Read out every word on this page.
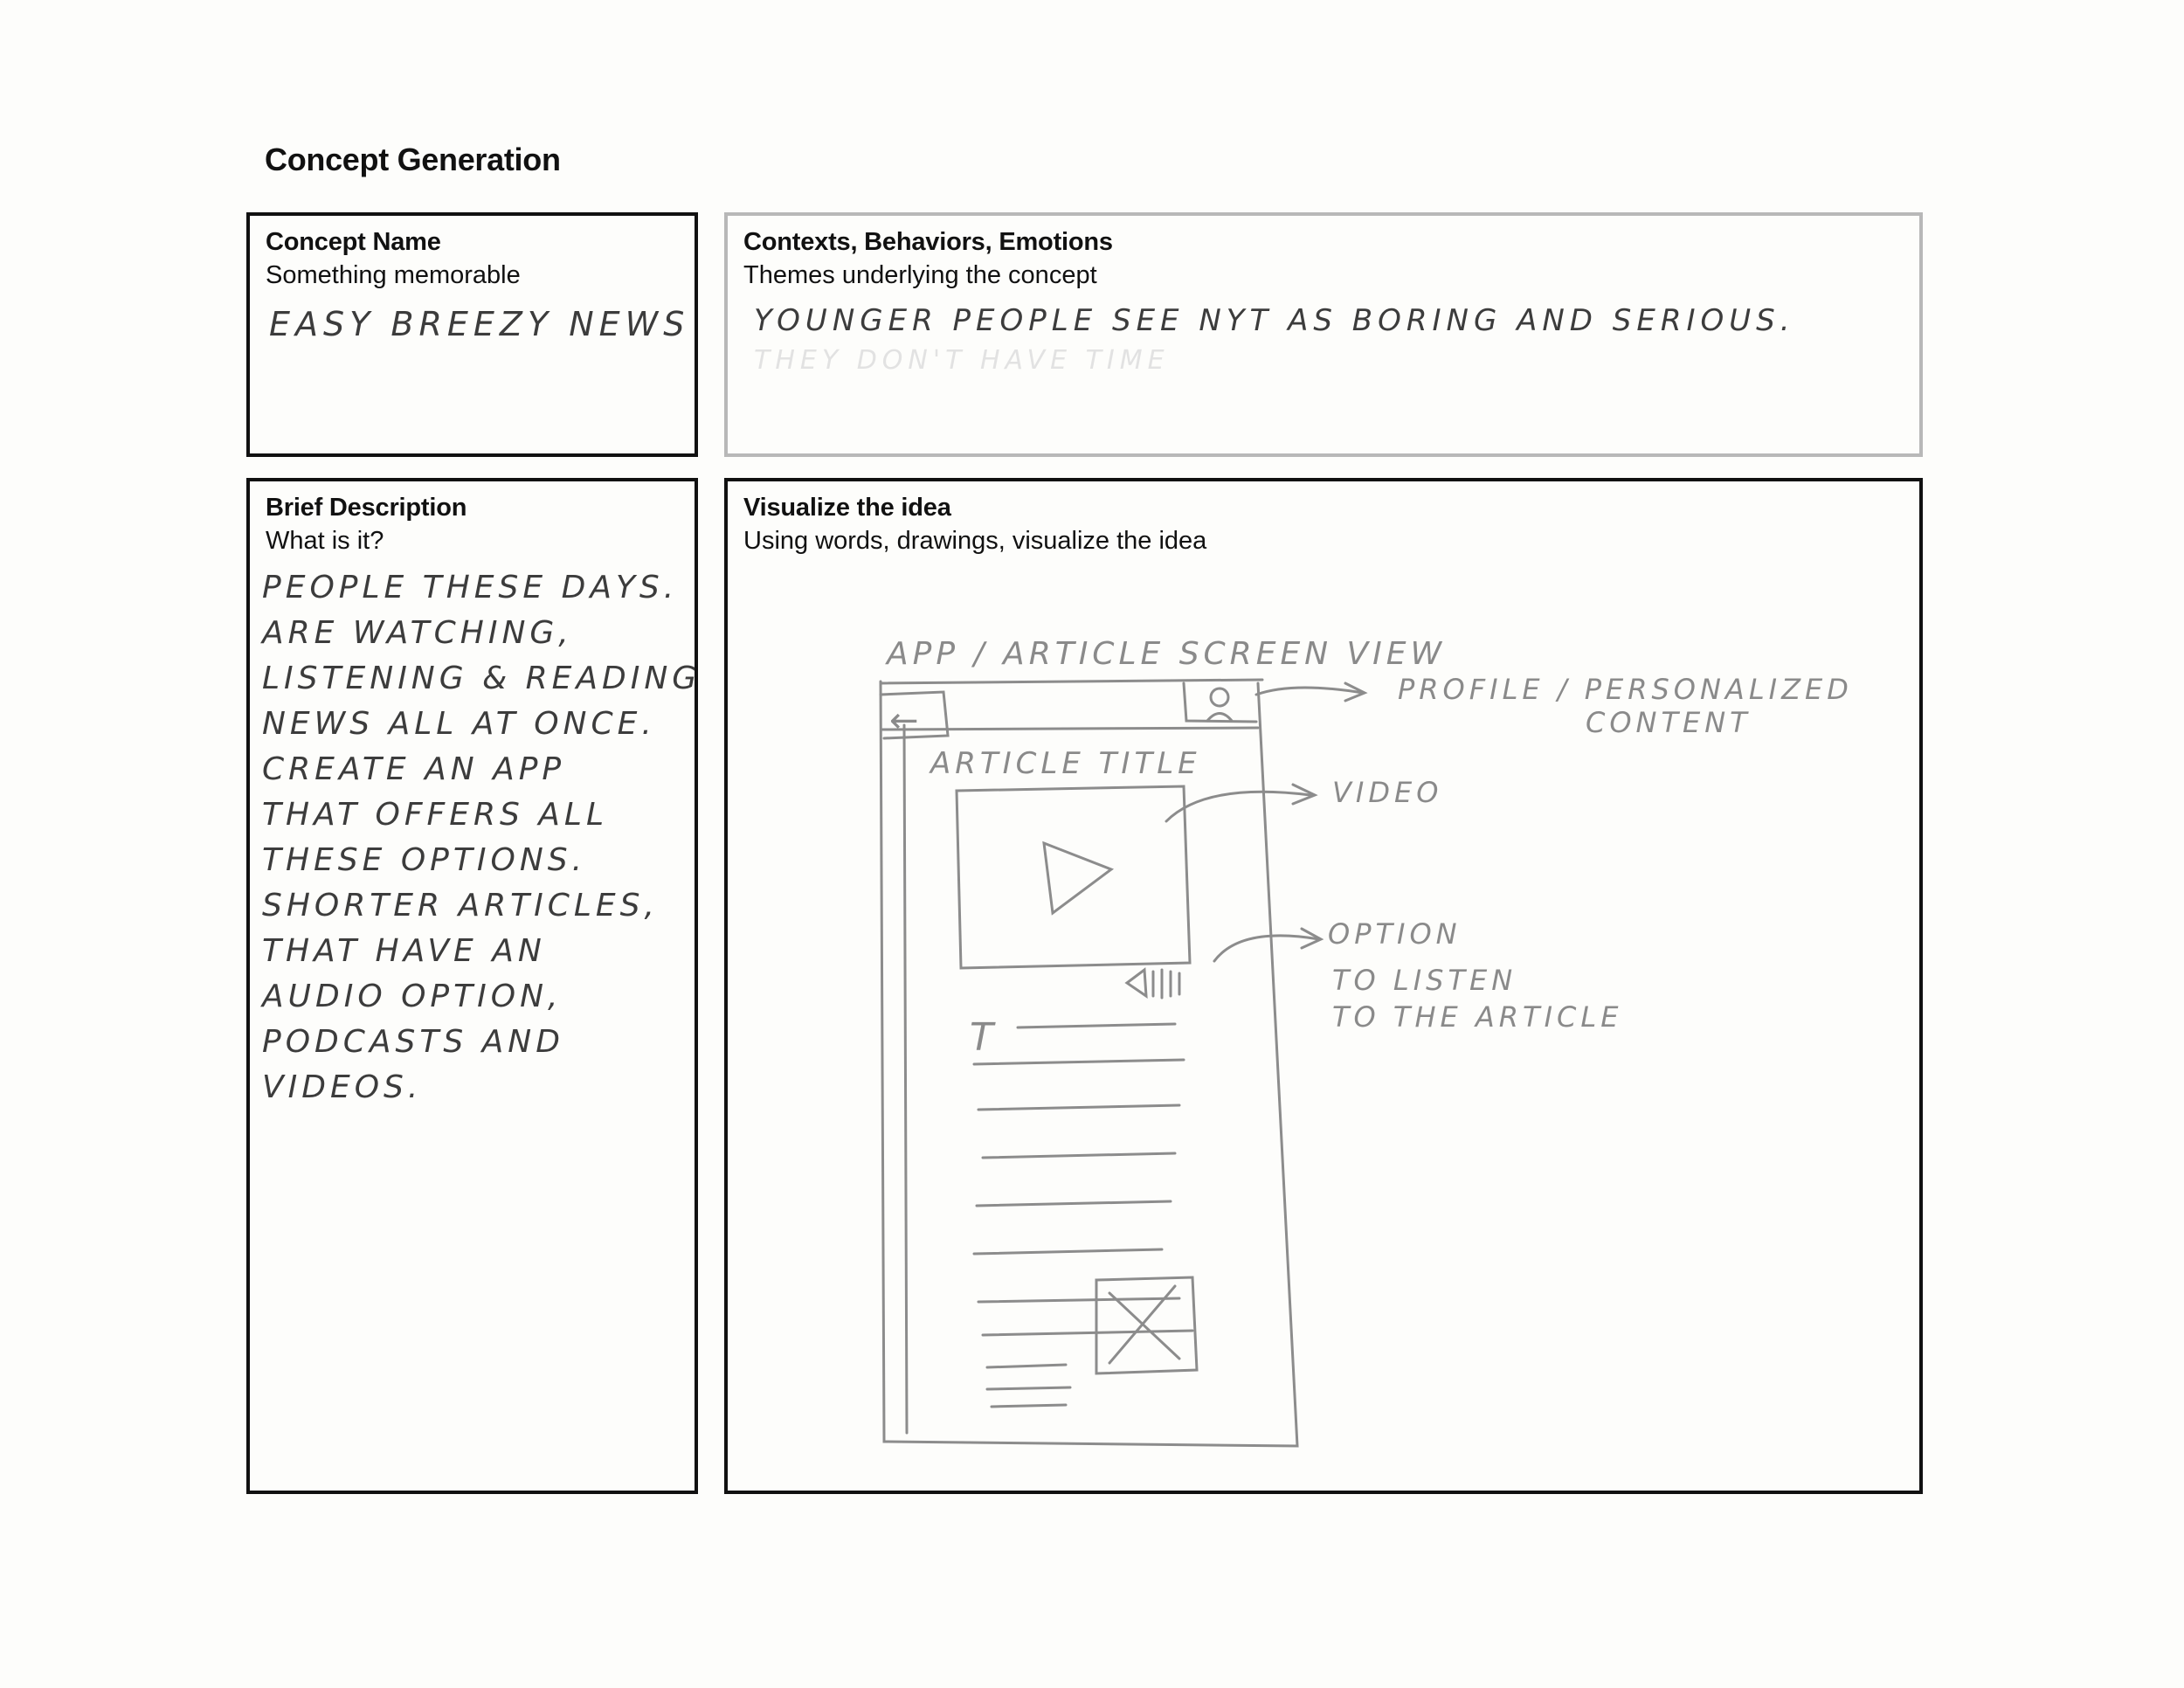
Concept Generation
Concept Name
Something memorable
EASY BREEZY NEWS
Contexts, Behaviors, Emotions
Themes underlying the concept
YOUNGER PEOPLE SEE NYT AS BORING AND SERIOUS.
THEY DON'T HAVE TIME
Brief Description
What is it?
PEOPLE THESE DAYS.
ARE WATCHING,
LISTENING & READING
NEWS ALL AT ONCE.
CREATE AN APP
THAT OFFERS ALL
THESE OPTIONS.
SHORTER ARTICLES,
THAT HAVE AN
AUDIO OPTION,
PODCASTS AND
VIDEOS.
Visualize the idea
Using words, drawings, visualize the idea
APP / ARTICLE SCREEN VIEW
←
ARTICLE TITLE
T
PROFILE / PERSONALIZED
CONTENT
VIDEO
OPTION
TO LISTEN
TO THE ARTICLE
